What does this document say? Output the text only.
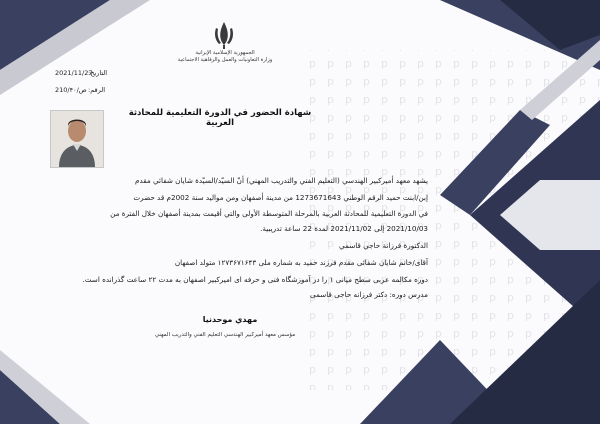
الجمهورية الإسلامية الإيرانية
وزارة التعاونيات والعمل والرفاهية الاجتماعية
التاريخ:
2021/11/27
الرقم:
210/ص/۴۰
شهادة الحضور في الدورة التعليمية للمحادثة العربية
يشهد معهد أميركبير الهندسي (التعليم الفني والتدريب المهني) أنّ السيّد/السيّدة شايان شفائي مقدم
إبن/ابنت حميد الرقم الوطني 1273671643 من مدينة أصفهان ومن مواليد سنة 2002م قد حضرت
في الدورة التعليمية للمحادثة العربية بالمرحلة المتوسطة الأولى والتي أقيمت بمدينة أصفهان خلال الفترة من
2021/10/03 إلى 2021/11/02 لمدة 22 ساعة تدريبية.
الدكتورة فرزانة حاجي قاسمي
آقای/خانم شایان شفائی مقدم فرزند حمید به شماره ملی ۱۲۷۳۶۷۱۶۴۳ متولد اصفهان
دوره مکالمه عربی سطح میانی ۱ را در آموزشگاه فنی و حرفه ای امیرکبیر اصفهان به مدت ۲۲ ساعت گذرانده است.
مدرس دوره: دکتر فرزانه حاجی قاسمی
مهدي موحدنيا
مؤسس معهد أميركبير الهندسي التعليم الفني والتدريب المهني
